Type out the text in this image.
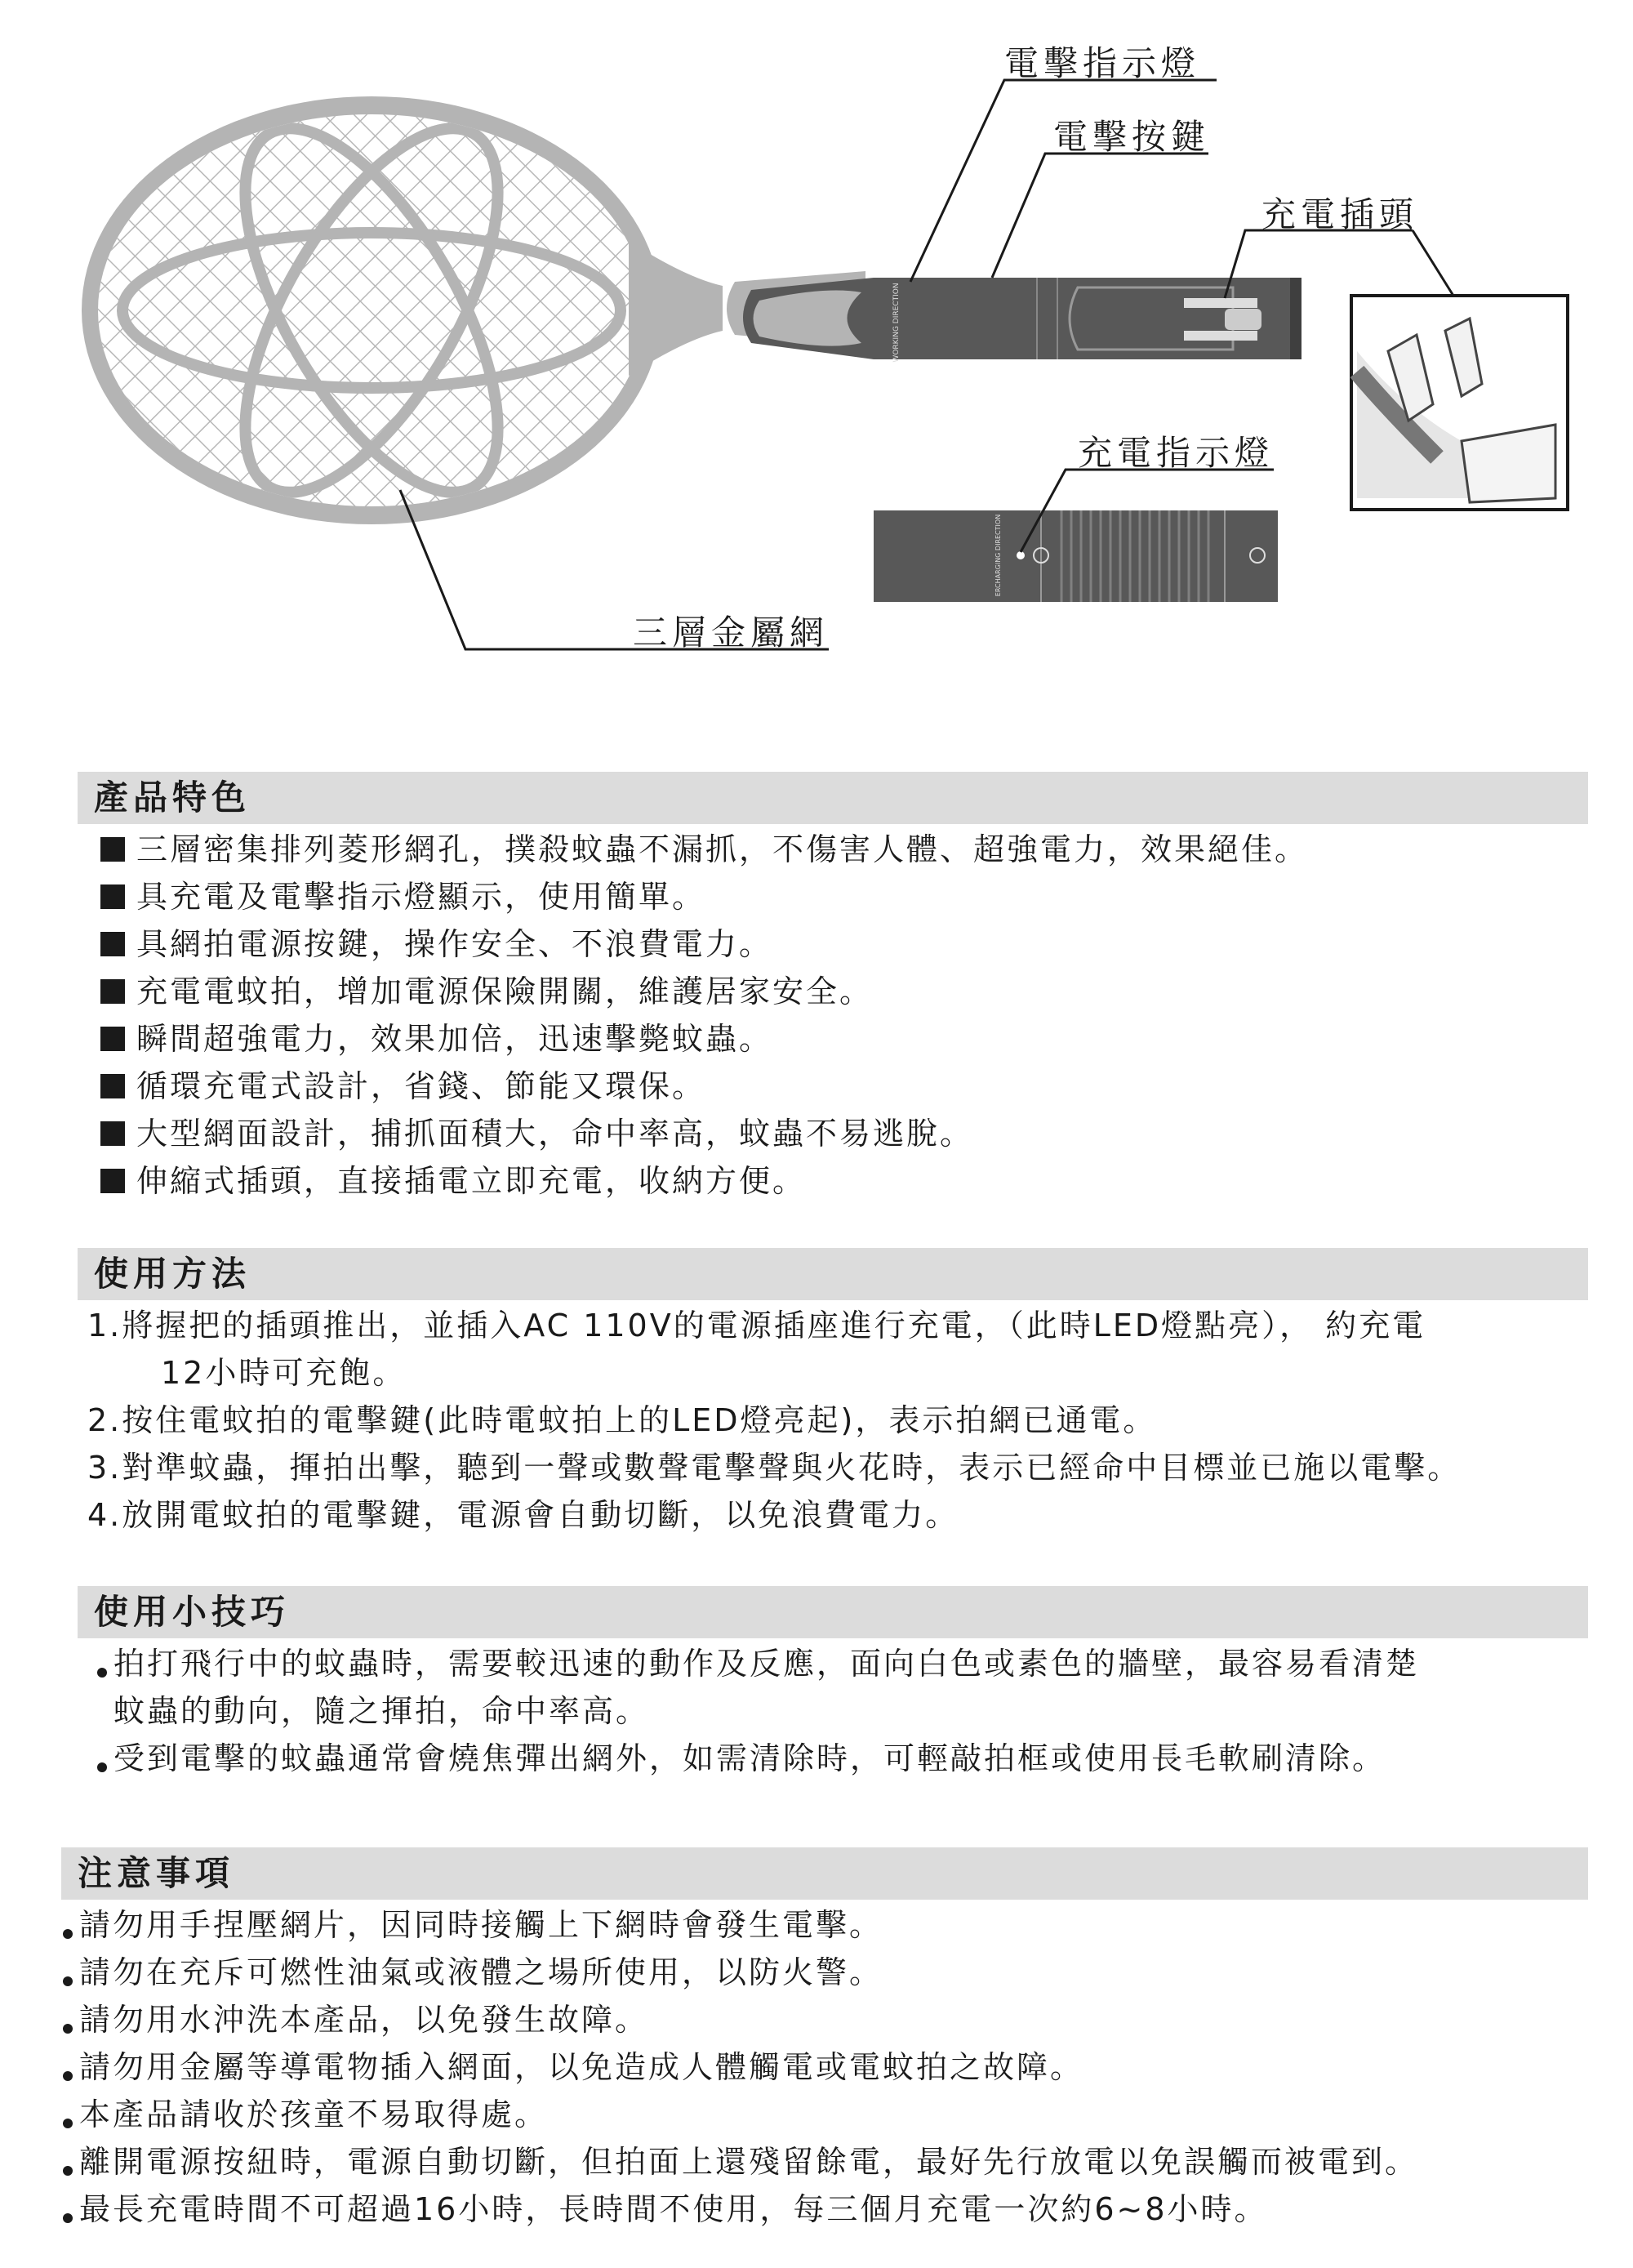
WORKING DIRECTION
ERCHARGING DIRECTION
電擊指示燈
電擊按鍵
充電插頭
充電指示燈
三層金屬網
產品特色
三層密集排列菱形網孔，撲殺蚊蟲不漏抓，不傷害人體、超強電力，效果絕佳。
具充電及電擊指示燈顯示，使用簡單。
具網拍電源按鍵，操作安全、不浪費電力。
充電電蚊拍，增加電源保險開關，維護居家安全。
瞬間超強電力，效果加倍，迅速擊斃蚊蟲。
循環充電式設計，省錢、節能又環保。
大型網面設計，捕抓面積大，命中率高，蚊蟲不易逃脫。
伸縮式插頭，直接插電立即充電，收納方便。
使用方法
1.將握把的插頭推出，並插入AC 110V的電源插座進行充電，（此時LED燈點亮）， 約充電
12小時可充飽。
2.按住電蚊拍的電擊鍵(此時電蚊拍上的LED燈亮起)，表示拍網已通電。
3.對準蚊蟲，揮拍出擊，聽到一聲或數聲電擊聲與火花時，表示已經命中目標並已施以電擊。
4.放開電蚊拍的電擊鍵，電源會自動切斷，以免浪費電力。
使用小技巧
拍打飛行中的蚊蟲時，需要較迅速的動作及反應，面向白色或素色的牆壁，最容易看清楚
蚊蟲的動向，隨之揮拍，命中率高。
受到電擊的蚊蟲通常會燒焦彈出網外，如需清除時，可輕敲拍框或使用長毛軟刷清除。
注意事項
請勿用手捏壓網片，因同時接觸上下網時會發生電擊。
請勿在充斥可燃性油氣或液體之場所使用，以防火警。
請勿用水沖洗本產品，以免發生故障。
請勿用金屬等導電物插入網面，以免造成人體觸電或電蚊拍之故障。
本產品請收於孩童不易取得處。
離開電源按紐時，電源自動切斷，但拍面上還殘留餘電，最好先行放電以免誤觸而被電到。
最長充電時間不可超過16小時，長時間不使用，每三個月充電一次約6~8小時。
